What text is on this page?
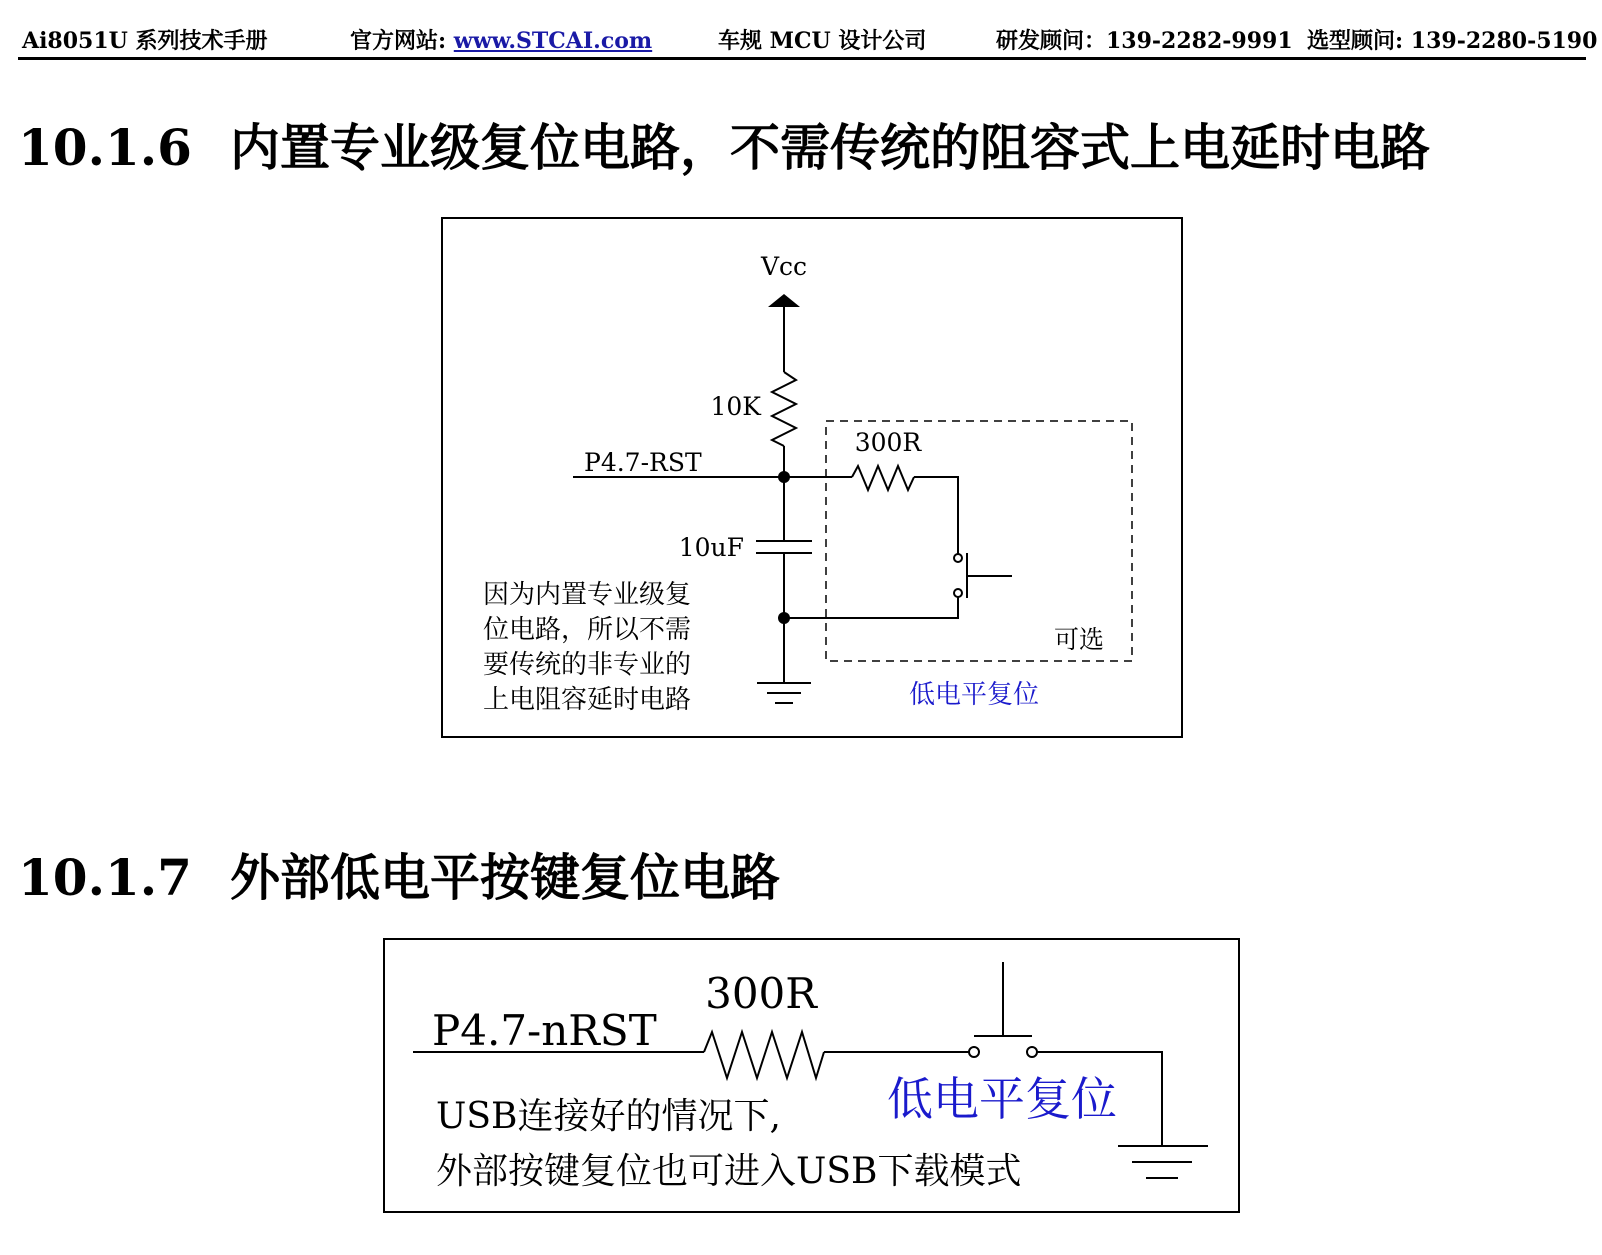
Ai8051U 系列技术手册	官方网站: www.STCAI.com	车规 MCU 设计公司	研发顾问：139-2282-9991 选型顾问: 139-2280-5190
10.1.6 内置专业级复位电路，不需传统的阻容式上电延时电路
Vcc
10K
P4.7-RST
300R
可选
低电平复位
10uF
因为内置专业级复
位电路，所以不需
要传统的非专业的
上电阻容延时电路
P4.7-nRST
300R
低电平复位
USB连接好的情况下,
外部按键复位也可进入USB下载模式
10.1.7 外部低电平按键复位电路
